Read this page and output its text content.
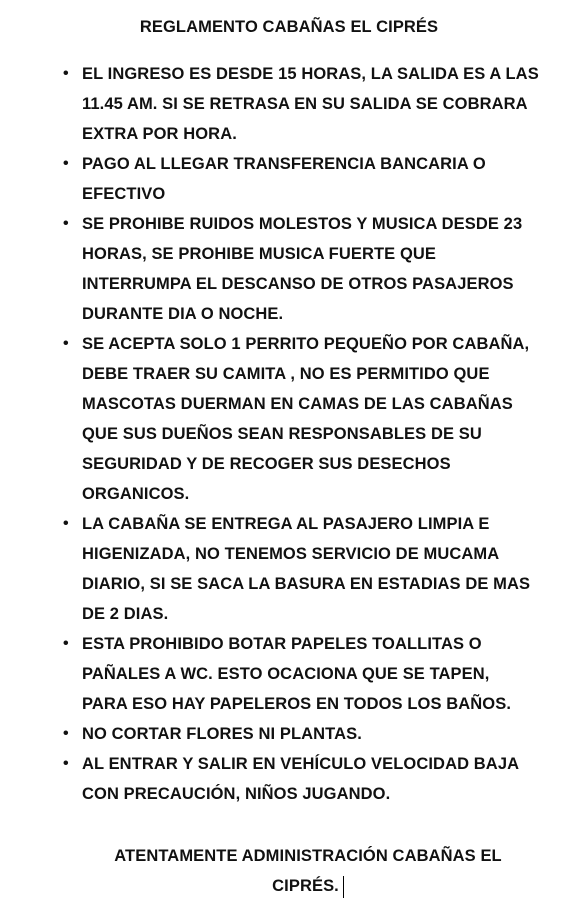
REGLAMENTO CABAÑAS EL CIPRÉS
• EL INGRESO ES DESDE 15 HORAS, LA SALIDA ES A LAS
11.45 AM. SI SE RETRASA EN SU SALIDA SE COBRARA
EXTRA POR HORA.
• PAGO AL LLEGAR TRANSFERENCIA BANCARIA O
EFECTIVO
• SE PROHIBE RUIDOS MOLESTOS Y MUSICA DESDE 23
HORAS, SE PROHIBE MUSICA FUERTE QUE
INTERRUMPA EL DESCANSO DE OTROS PASAJEROS
DURANTE DIA O NOCHE.
• SE ACEPTA SOLO 1 PERRITO PEQUEÑO POR CABAÑA,
DEBE TRAER SU CAMITA , NO ES PERMITIDO QUE
MASCOTAS DUERMAN EN CAMAS DE LAS CABAÑAS
QUE SUS DUEÑOS SEAN RESPONSABLES DE SU
SEGURIDAD Y DE RECOGER SUS DESECHOS
ORGANICOS.
• LA CABAÑA SE ENTREGA AL PASAJERO LIMPIA E
HIGENIZADA, NO TENEMOS SERVICIO DE MUCAMA
DIARIO, SI SE SACA LA BASURA EN ESTADIAS DE MAS
DE 2 DIAS.
• ESTA PROHIBIDO BOTAR PAPELES TOALLITAS O
PAÑALES A WC. ESTO OCACIONA QUE SE TAPEN,
PARA ESO HAY PAPELEROS EN TODOS LOS BAÑOS.
• NO CORTAR FLORES NI PLANTAS.
• AL ENTRAR Y SALIR EN VEHÍCULO VELOCIDAD BAJA
CON PRECAUCIÓN, NIÑOS JUGANDO.
ATENTAMENTE ADMINISTRACIÓN CABAÑAS EL
CIPRÉS.
